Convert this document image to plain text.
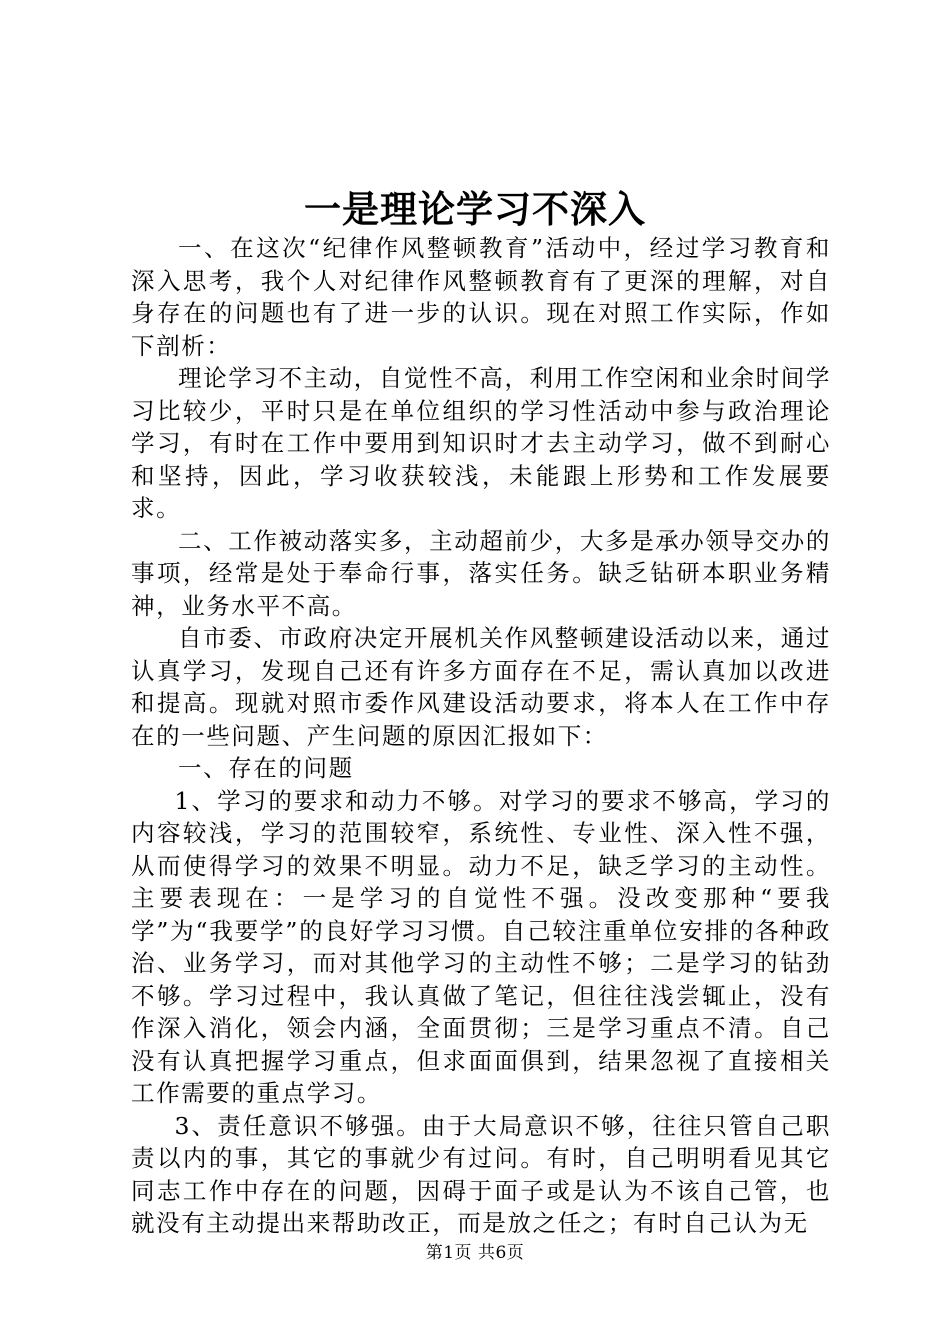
一是理论学习不深入

一、在这次“纪律作风整顿教育”活动中，经过学习教育和深入思考，我个人对纪律作风整顿教育有了更深的理解，对自身存在的问题也有了进一步的认识。现在对照工作实际，作如下剖析：

理论学习不主动，自觉性不高，利用工作空闲和业余时间学习比较少，平时只是在单位组织的学习性活动中参与政治理论学习，有时在工作中要用到知识时才去主动学习，做不到耐心和坚持，因此，学习收获较浅，未能跟上形势和工作发展要求。

二、工作被动落实多，主动超前少，大多是承办领导交办的事项，经常是处于奉命行事，落实任务。缺乏钻研本职业务精神，业务水平不高。

自市委、市政府决定开展机关作风整顿建设活动以来，通过认真学习，发现自己还有许多方面存在不足，需认真加以改进和提高。现就对照市委作风建设活动要求，将本人在工作中存在的一些问题、产生问题的原因汇报如下：

一、存在的问题

1、学习的要求和动力不够。对学习的要求不够高，学习的内容较浅，学习的范围较窄，系统性、专业性、深入性不强，从而使得学习的效果不明显。动力不足，缺乏学习的主动性。主要表现在：一是学习的自觉性不强。没改变那种“要我学”为“我要学”的良好学习习惯。自己较注重单位安排的各种政治、业务学习，而对其他学习的主动性不够；二是学习的钻劲不够。学习过程中，我认真做了笔记，但往往浅尝辄止，没有作深入消化，领会内涵，全面贯彻；三是学习重点不清。自己没有认真把握学习重点，但求面面俱到，结果忽视了直接相关工作需要的重点学习。

3、责任意识不够强。由于大局意识不够，往往只管自己职责以内的事，其它的事就少有过问。有时，自己明明看见其它同志工作中存在的问题，因碍于面子或是认为不该自己管，也就没有主动提出来帮助改正，而是放之任之；有时自己认为无

第1页 共6页
